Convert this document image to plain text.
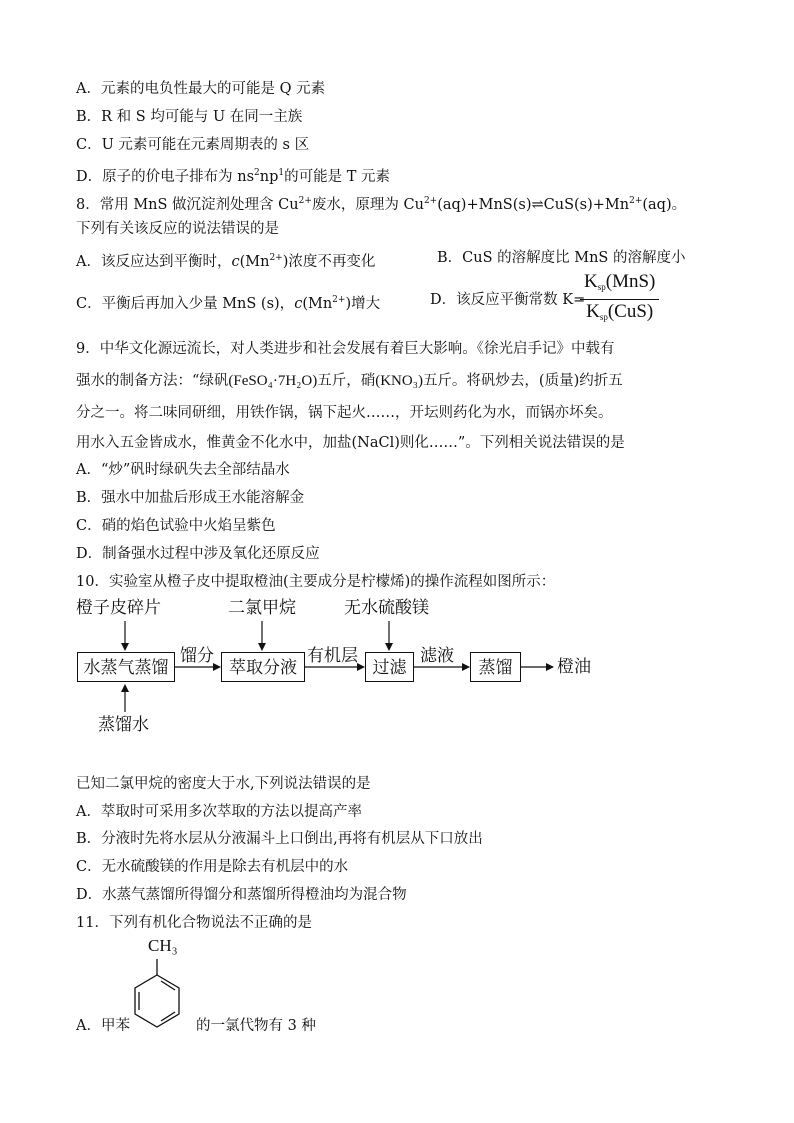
A．元素的电负性最大的可能是 Q 元素
B．R 和 S 均可能与 U 在同一主族
C．U 元素可能在元素周期表的 s 区
D．原子的价电子排布为 $ns^2np^1$的可能是 T 元素
8．常用 MnS 做沉淀剂处理含 $Cu^{2+}$废水，原理为 $Cu^{2+}(aq)+MnS(s)\rightleftharpoons CuS(s)+Mn^{2+}(aq)$。
下列有关该反应的说法错误的是
A．该反应达到平衡时，$c(Mn^{2+})$浓度不再变化	B．CuS 的溶解度比 MnS 的溶解度小
C．平衡后再加入少量 MnS (s)，$c(Mn^{2+})$增大	D．该反应平衡常数 K=
$K_{sp}(MnS)$
$K_{sp}(CuS)$
9．中华文化源远流长，对人类进步和社会发展有着巨大影响。《徐光启手记》中载有
强水的制备方法：“绿矾(FeSO₄·7H₂O)五斤，硝(KNO₃)五斤。将矾炒去，(质量)约折五
分之一。将二味同研细，用铁作锅，锅下起火……，开坛则药化为水，而锅亦坏矣。
用水入五金皆成水，惟黄金不化水中，加盐(NaCl)则化……”。下列相关说法错误的是
A．“炒”矾时绿矾失去全部结晶水
B．强水中加盐后形成王水能溶解金
C．硝的焰色试验中火焰呈紫色
D．制备强水过程中涉及氧化还原反应
10．实验室从橙子皮中提取橙油(主要成分是柠檬烯)的操作流程如图所示：
橙子皮碎片	二氯甲烷	无水硫酸镁
蒸馏水
水蒸气蒸馏	萃取分液	过滤	蒸馏
馏分	有机层	滤液
橙油
已知二氯甲烷的密度大于水,下列说法错误的是
A．萃取时可采用多次萃取的方法以提高产率
B．分液时先将水层从分液漏斗上口倒出,再将有机层从下口放出
C．无水硫酸镁的作用是除去有机层中的水
D．水蒸气蒸馏所得馏分和蒸馏所得橙油均为混合物
11．下列有机化合物说法不正确的是
CH₃
A．甲苯	的一氯代物有 3 种
